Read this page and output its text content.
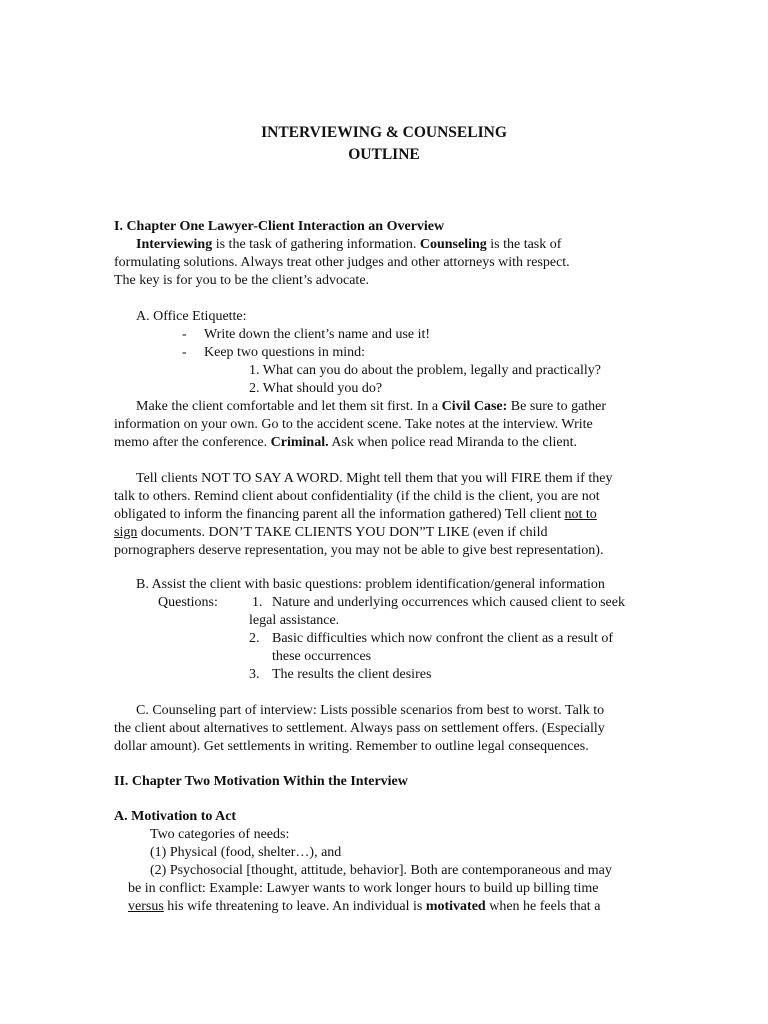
INTERVIEWING & COUNSELING
OUTLINE
I. Chapter One Lawyer-Client Interaction an Overview
Interviewing is the task of gathering information. Counseling is the task of
formulating solutions. Always treat other judges and other attorneys with respect.
The key is for you to be the client’s advocate.
A. Office Etiquette:
- Write down the client’s name and use it!
- Keep two questions in mind:
1. What can you do about the problem, legally and practically?
2. What should you do?
Make the client comfortable and let them sit first. In a Civil Case: Be sure to gather
information on your own. Go to the accident scene. Take notes at the interview. Write
memo after the conference. Criminal. Ask when police read Miranda to the client.
Tell clients NOT TO SAY A WORD. Might tell them that you will FIRE them if they
talk to others. Remind client about confidentiality (if the child is the client, you are not
obligated to inform the financing parent all the information gathered) Tell client not to
sign documents. DON’T TAKE CLIENTS YOU DON”T LIKE (even if child
pornographers deserve representation, you may not be able to give best representation).
B. Assist the client with basic questions: problem identification/general information
Questions: 1. Nature and underlying occurrences which caused client to seek
legal assistance.
2. Basic difficulties which now confront the client as a result of
these occurrences
3. The results the client desires
C. Counseling part of interview: Lists possible scenarios from best to worst. Talk to
the client about alternatives to settlement. Always pass on settlement offers. (Especially
dollar amount). Get settlements in writing. Remember to outline legal consequences.
II. Chapter Two Motivation Within the Interview
A. Motivation to Act
Two categories of needs:
(1) Physical (food, shelter…), and
(2) Psychosocial [thought, attitude, behavior]. Both are contemporaneous and may
be in conflict: Example: Lawyer wants to work longer hours to build up billing time
versus his wife threatening to leave. An individual is motivated when he feels that a
